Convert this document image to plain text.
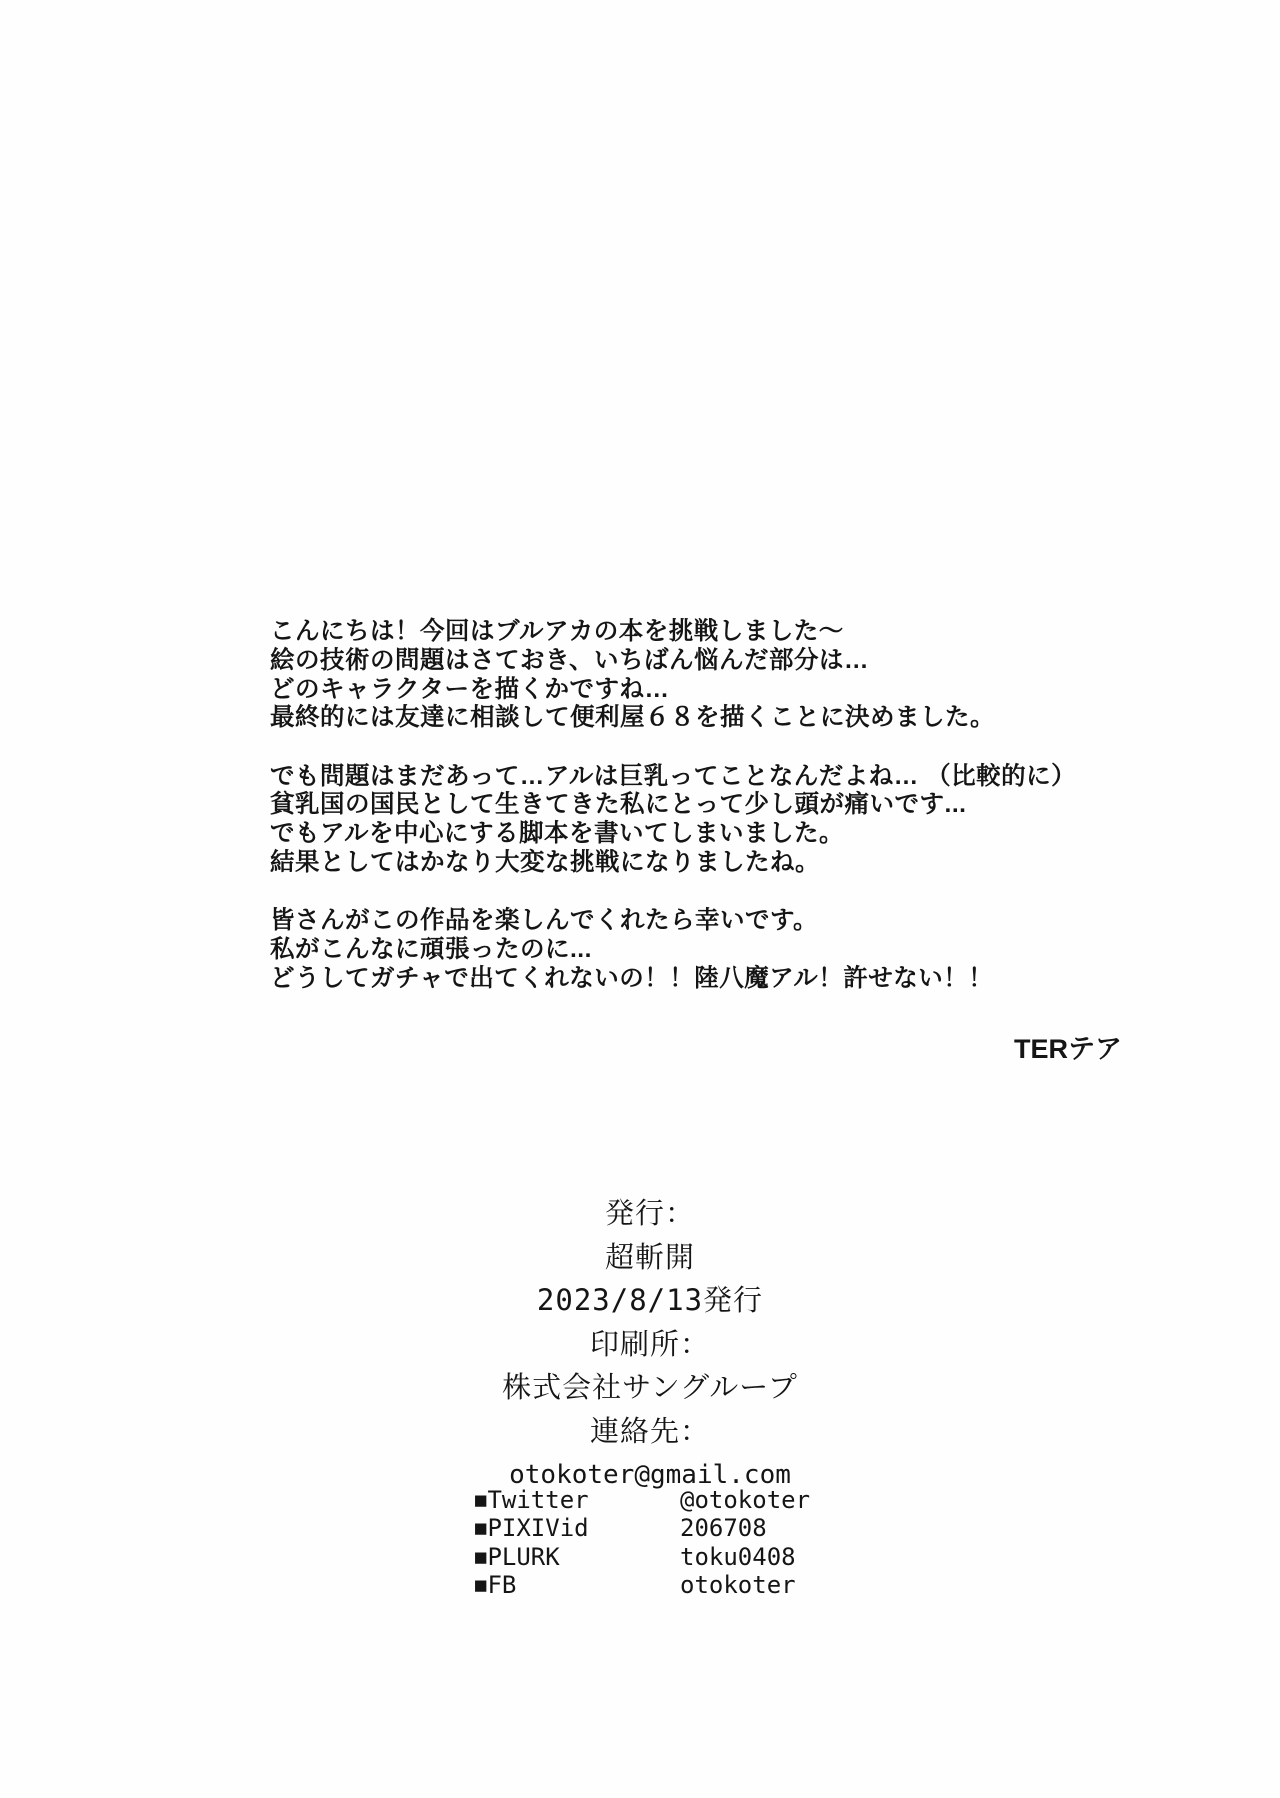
こんにちは！今回はブルアカの本を挑戦しました〜
絵の技術の問題はさておき、いちばん悩んだ部分は…
どのキャラクターを描くかですね…
最終的には友達に相談して便利屋６８を描くことに決めました。
でも問題はまだあって…アルは巨乳ってことなんだよね… （比較的に）
貧乳国の国民として生きてきた私にとって少し頭が痛いです...
でもアルを中心にする脚本を書いてしまいました。
結果としてはかなり大変な挑戦になりましたね。
皆さんがこの作品を楽しんでくれたら幸いです。
私がこんなに頑張ったのに...
どうしてガチャで出てくれないの！！陸八魔アル！許せない！！
TERテア
発行：
超斬開
2023/8/13発行
印刷所：
株式会社サングループ
連絡先：
otokoter@gmail.com
■ Twitter	@otokoter
■ PIXIVid	206708
■ PLURK	toku0408
■ FB	otokoter
